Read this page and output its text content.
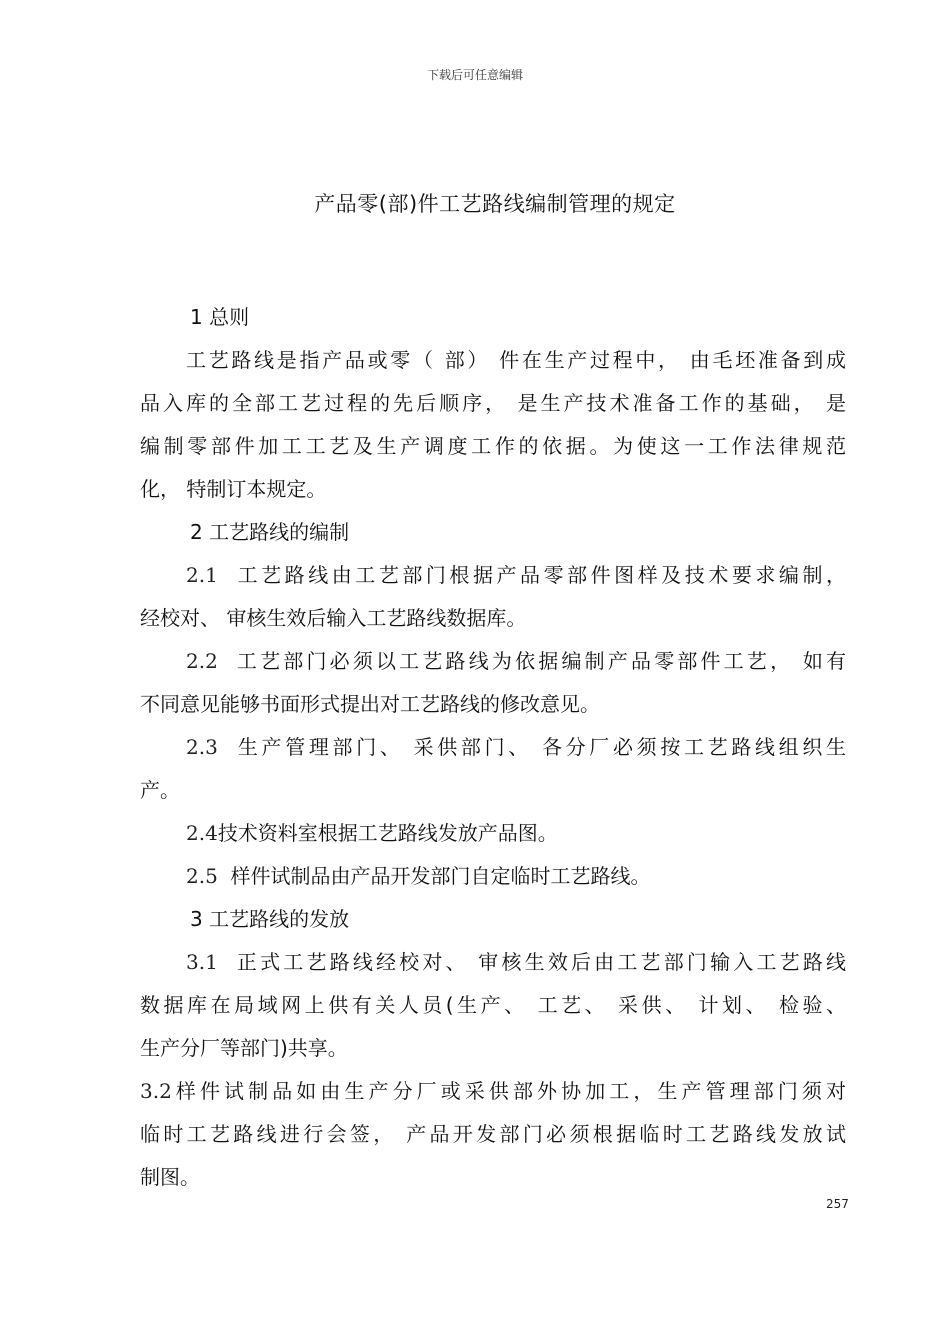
下载后可任意编辑
产品零(部)件工艺路线编制管理的规定
1 总则
工艺路线是指产品或零（ 部） 件在生产过程中， 由毛坯准备到成
品入库的全部工艺过程的先后顺序， 是生产技术准备工作的基础， 是
编制零部件加工工艺及生产调度工作的依据。为使这一工作法律规范
化， 特制订本规定。
2 工艺路线的编制
2.1 工艺路线由工艺部门根据产品零部件图样及技术要求编制，
经校对、 审核生效后输入工艺路线数据库。
2.2 工艺部门必须以工艺路线为依据编制产品零部件工艺， 如有
不同意见能够书面形式提出对工艺路线的修改意见。
2.3 生产管理部门、 采供部门、 各分厂必须按工艺路线组织生
产。
2.4技术资料室根据工艺路线发放产品图。
2.5 样件试制品由产品开发部门自定临时工艺路线。
3 工艺路线的发放
3.1 正式工艺路线经校对、 审核生效后由工艺部门输入工艺路线
数据库在局域网上供有关人员(生产、 工艺、 采供、 计划、 检验、
生产分厂等部门)共享。
3.2样件试制品如由生产分厂或采供部外协加工，生产管理部门须对
临时工艺路线进行会签， 产品开发部门必须根据临时工艺路线发放试
制图。
257
